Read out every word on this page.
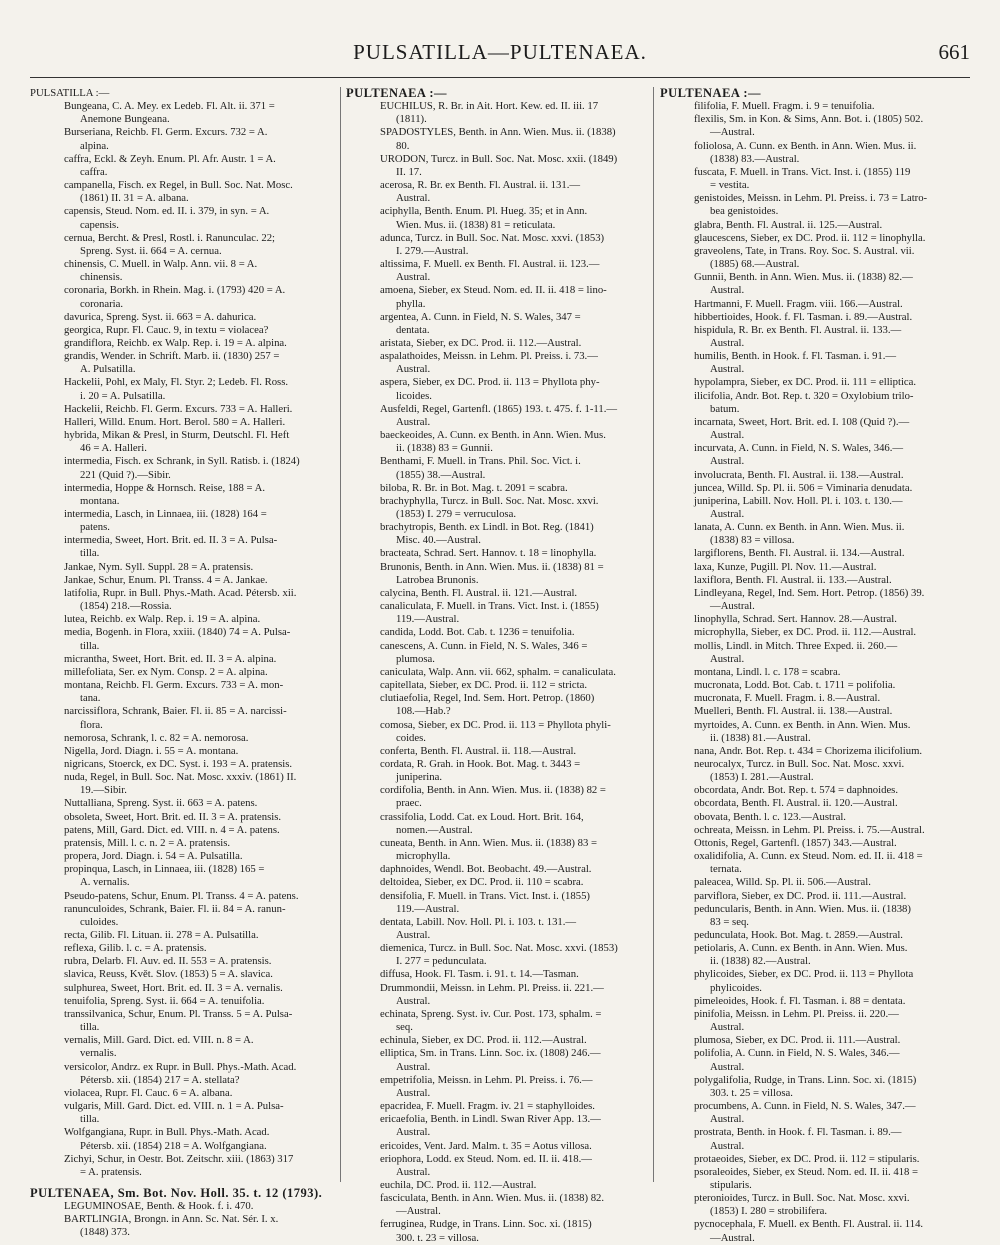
PULSATILLA—PULTENAEA.	661
PULSATILLA :—
Bungeana, C. A. Mey. ex Ledeb. Fl. Alt. ii. 371 =
Anemone Bungeana.
Burseriana, Reichb. Fl. Germ. Excurs. 732 = A.
alpina.
caffra, Eckl. & Zeyh. Enum. Pl. Afr. Austr. 1 = A.
caffra.
campanella, Fisch. ex Regel, in Bull. Soc. Nat. Mosc.
(1861) II. 31 = A. albana.
capensis, Steud. Nom. ed. II. i. 379, in syn. = A.
capensis.
cernua, Bercht. & Presl, Rostl. i. Ranunculac. 22;
Spreng. Syst. ii. 664 = A. cernua.
chinensis, C. Muell. in Walp. Ann. vii. 8 = A.
chinensis.
coronaria, Borkh. in Rhein. Mag. i. (1793) 420 = A.
coronaria.
davurica, Spreng. Syst. ii. 663 = A. dahurica.
georgica, Rupr. Fl. Cauc. 9, in textu = violacea?
grandiflora, Reichb. ex Walp. Rep. i. 19 = A. alpina.
grandis, Wender. in Schrift. Marb. ii. (1830) 257 =
A. Pulsatilla.
Hackelii, Pohl, ex Maly, Fl. Styr. 2; Ledeb. Fl. Ross.
i. 20 = A. Pulsatilla.
Hackelii, Reichb. Fl. Germ. Excurs. 733 = A. Halleri.
Halleri, Willd. Enum. Hort. Berol. 580 = A. Halleri.
hybrida, Mikan & Presl, in Sturm, Deutschl. Fl. Heft
46 = A. Halleri.
intermedia, Fisch. ex Schrank, in Syll. Ratisb. i. (1824)
221 (Quid ?).—Sibir.
intermedia, Hoppe & Hornsch. Reise, 188 = A.
montana.
intermedia, Lasch, in Linnaea, iii. (1828) 164 =
patens.
intermedia, Sweet, Hort. Brit. ed. II. 3 = A. Pulsa-
tilla.
Jankae, Nym. Syll. Suppl. 28 = A. pratensis.
Jankae, Schur, Enum. Pl. Transs. 4 = A. Jankae.
latifolia, Rupr. in Bull. Phys.-Math. Acad. Pétersb. xii.
(1854) 218.—Rossia.
lutea, Reichb. ex Walp. Rep. i. 19 = A. alpina.
media, Bogenh. in Flora, xxiii. (1840) 74 = A. Pulsa-
tilla.
micrantha, Sweet, Hort. Brit. ed. II. 3 = A. alpina.
millefoliata, Ser. ex Nym. Consp. 2 = A. alpina.
montana, Reichb. Fl. Germ. Excurs. 733 = A. mon-
tana.
narcissiflora, Schrank, Baier. Fl. ii. 85 = A. narcissi-
flora.
nemorosa, Schrank, l. c. 82 = A. nemorosa.
Nigella, Jord. Diagn. i. 55 = A. montana.
nigricans, Stoerck, ex DC. Syst. i. 193 = A. pratensis.
nuda, Regel, in Bull. Soc. Nat. Mosc. xxxiv. (1861) II.
19.—Sibir.
Nuttalliana, Spreng. Syst. ii. 663 = A. patens.
obsoleta, Sweet, Hort. Brit. ed. II. 3 = A. pratensis.
patens, Mill, Gard. Dict. ed. VIII. n. 4 = A. patens.
pratensis, Mill. l. c. n. 2 = A. pratensis.
propera, Jord. Diagn. i. 54 = A. Pulsatilla.
propinqua, Lasch, in Linnaea, iii. (1828) 165 =
A. vernalis.
Pseudo-patens, Schur, Enum. Pl. Transs. 4 = A. patens.
ranunculoides, Schrank, Baier. Fl. ii. 84 = A. ranun-
culoides.
recta, Gilib. Fl. Lituan. ii. 278 = A. Pulsatilla.
reflexa, Gilib. l. c. = A. pratensis.
rubra, Delarb. Fl. Auv. ed. II. 553 = A. pratensis.
slavica, Reuss, Květ. Slov. (1853) 5 = A. slavica.
sulphurea, Sweet, Hort. Brit. ed. II. 3 = A. vernalis.
tenuifolia, Spreng. Syst. ii. 664 = A. tenuifolia.
transsilvanica, Schur, Enum. Pl. Transs. 5 = A. Pulsa-
tilla.
vernalis, Mill. Gard. Dict. ed. VIII. n. 8 = A.
vernalis.
versicolor, Andrz. ex Rupr. in Bull. Phys.-Math. Acad.
Pétersb. xii. (1854) 217 = A. stellata?
violacea, Rupr. Fl. Cauc. 6 = A. albana.
vulgaris, Mill. Gard. Dict. ed. VIII. n. 1 = A. Pulsa-
tilla.
Wolfgangiana, Rupr. in Bull. Phys.-Math. Acad.
Pétersb. xii. (1854) 218 = A. Wolfgangiana.
Zichyi, Schur, in Oestr. Bot. Zeitschr. xiii. (1863) 317
= A. pratensis.
PULTENAEA, Sm. Bot. Nov. Holl. 35. t. 12 (1793).
LEGUMINOSAE, Benth. & Hook. f. i. 470.
BARTLINGIA, Brongn. in Ann. Sc. Nat. Sér. I. x.
(1848) 373.
PULTENAEA :—
EUCHILUS, R. Br. in Ait. Hort. Kew. ed. II. iii. 17
(1811).
SPADOSTYLES, Benth. in Ann. Wien. Mus. ii. (1838)
80.
URODON, Turcz. in Bull. Soc. Nat. Mosc. xxii. (1849)
II. 17.
acerosa, R. Br. ex Benth. Fl. Austral. ii. 131.—
Austral.
aciphylla, Benth. Enum. Pl. Hueg. 35; et in Ann.
Wien. Mus. ii. (1838) 81 = reticulata.
adunca, Turcz. in Bull. Soc. Nat. Mosc. xxvi. (1853)
I. 279.—Austral.
altissima, F. Muell. ex Benth. Fl. Austral. ii. 123.—
Austral.
amoena, Sieber, ex Steud. Nom. ed. II. ii. 418 = lino-
phylla.
argentea, A. Cunn. in Field, N. S. Wales, 347 =
dentata.
aristata, Sieber, ex DC. Prod. ii. 112.—Austral.
aspalathoides, Meissn. in Lehm. Pl. Preiss. i. 73.—
Austral.
aspera, Sieber, ex DC. Prod. ii. 113 = Phyllota phy-
licoides.
Ausfeldi, Regel, Gartenfl. (1865) 193. t. 475. f. 1-11.—
Austral.
baeckeoides, A. Cunn. ex Benth. in Ann. Wien. Mus.
ii. (1838) 83 = Gunnii.
Benthami, F. Muell. in Trans. Phil. Soc. Vict. i.
(1855) 38.—Austral.
biloba, R. Br. in Bot. Mag. t. 2091 = scabra.
brachyphylla, Turcz. in Bull. Soc. Nat. Mosc. xxvi.
(1853) I. 279 = verruculosa.
brachytropis, Benth. ex Lindl. in Bot. Reg. (1841)
Misc. 40.—Austral.
bracteata, Schrad. Sert. Hannov. t. 18 = linophylla.
Brunonis, Benth. in Ann. Wien. Mus. ii. (1838) 81 =
Latrobea Brunonis.
calycina, Benth. Fl. Austral. ii. 121.—Austral.
canaliculata, F. Muell. in Trans. Vict. Inst. i. (1855)
119.—Austral.
candida, Lodd. Bot. Cab. t. 1236 = tenuifolia.
canescens, A. Cunn. in Field, N. S. Wales, 346 =
plumosa.
caniculata, Walp. Ann. vii. 662, sphalm. = canaliculata.
capitellata, Sieber, ex DC. Prod. ii. 112 = stricta.
clutiaefolia, Regel, Ind. Sem. Hort. Petrop. (1860)
108.—Hab.?
comosa, Sieber, ex DC. Prod. ii. 113 = Phyllota phyli-
coides.
conferta, Benth. Fl. Austral. ii. 118.—Austral.
cordata, R. Grah. in Hook. Bot. Mag. t. 3443 =
juniperina.
cordifolia, Benth. in Ann. Wien. Mus. ii. (1838) 82 =
praec.
crassifolia, Lodd. Cat. ex Loud. Hort. Brit. 164,
nomen.—Austral.
cuneata, Benth. in Ann. Wien. Mus. ii. (1838) 83 =
microphylla.
daphnoides, Wendl. Bot. Beobacht. 49.—Austral.
deltoidea, Sieber, ex DC. Prod. ii. 110 = scabra.
densifolia, F. Muell. in Trans. Vict. Inst. i. (1855)
119.—Austral.
dentata, Labill. Nov. Holl. Pl. i. 103. t. 131.—
Austral.
diemenica, Turcz. in Bull. Soc. Nat. Mosc. xxvi. (1853)
I. 277 = pedunculata.
diffusa, Hook. Fl. Tasm. i. 91. t. 14.—Tasman.
Drummondii, Meissn. in Lehm. Pl. Preiss. ii. 221.—
Austral.
echinata, Spreng. Syst. iv. Cur. Post. 173, sphalm. =
seq.
echinula, Sieber, ex DC. Prod. ii. 112.—Austral.
elliptica, Sm. in Trans. Linn. Soc. ix. (1808) 246.—
Austral.
empetrifolia, Meissn. in Lehm. Pl. Preiss. i. 76.—
Austral.
epacridea, F. Muell. Fragm. iv. 21 = staphylloides.
ericaefolia, Benth. in Lindl. Swan River App. 13.—
Austral.
ericoides, Vent. Jard. Malm. t. 35 = Aotus villosa.
eriophora, Lodd. ex Steud. Nom. ed. II. ii. 418.—
Austral.
euchila, DC. Prod. ii. 112.—Austral.
fasciculata, Benth. in Ann. Wien. Mus. ii. (1838) 82.
—Austral.
ferruginea, Rudge, in Trans. Linn. Soc. xi. (1815)
300. t. 23 = villosa.
PULTENAEA :—
filifolia, F. Muell. Fragm. i. 9 = tenuifolia.
flexilis, Sm. in Kon. & Sims, Ann. Bot. i. (1805) 502.
—Austral.
foliolosa, A. Cunn. ex Benth. in Ann. Wien. Mus. ii.
(1838) 83.—Austral.
fuscata, F. Muell. in Trans. Vict. Inst. i. (1855) 119
= vestita.
genistoides, Meissn. in Lehm. Pl. Preiss. i. 73 = Latro-
bea genistoides.
glabra, Benth. Fl. Austral. ii. 125.—Austral.
glaucescens, Sieber, ex DC. Prod. ii. 112 = linophylla.
graveolens, Tate, in Trans. Roy. Soc. S. Austral. vii.
(1885) 68.—Austral.
Gunnii, Benth. in Ann. Wien. Mus. ii. (1838) 82.—
Austral.
Hartmanni, F. Muell. Fragm. viii. 166.—Austral.
hibbertioides, Hook. f. Fl. Tasman. i. 89.—Austral.
hispidula, R. Br. ex Benth. Fl. Austral. ii. 133.—
Austral.
humilis, Benth. in Hook. f. Fl. Tasman. i. 91.—
Austral.
hypolampra, Sieber, ex DC. Prod. ii. 111 = elliptica.
ilicifolia, Andr. Bot. Rep. t. 320 = Oxylobium trilo-
batum.
incarnata, Sweet, Hort. Brit. ed. I. 108 (Quid ?).—
Austral.
incurvata, A. Cunn. in Field, N. S. Wales, 346.—
Austral.
involucrata, Benth. Fl. Austral. ii. 138.—Austral.
juncea, Willd. Sp. Pl. ii. 506 = Viminaria denudata.
juniperina, Labill. Nov. Holl. Pl. i. 103. t. 130.—
Austral.
lanata, A. Cunn. ex Benth. in Ann. Wien. Mus. ii.
(1838) 83 = villosa.
largiflorens, Benth. Fl. Austral. ii. 134.—Austral.
laxa, Kunze, Pugill. Pl. Nov. 11.—Austral.
laxiflora, Benth. Fl. Austral. ii. 133.—Austral.
Lindleyana, Regel, Ind. Sem. Hort. Petrop. (1856) 39.
—Austral.
linophylla, Schrad. Sert. Hannov. 28.—Austral.
microphylla, Sieber, ex DC. Prod. ii. 112.—Austral.
mollis, Lindl. in Mitch. Three Exped. ii. 260.—
Austral.
montana, Lindl. l. c. 178 = scabra.
mucronata, Lodd. Bot. Cab. t. 1711 = polifolia.
mucronata, F. Muell. Fragm. i. 8.—Austral.
Muelleri, Benth. Fl. Austral. ii. 138.—Austral.
myrtoides, A. Cunn. ex Benth. in Ann. Wien. Mus.
ii. (1838) 81.—Austral.
nana, Andr. Bot. Rep. t. 434 = Chorizema ilicifolium.
neurocalyx, Turcz. in Bull. Soc. Nat. Mosc. xxvi.
(1853) I. 281.—Austral.
obcordata, Andr. Bot. Rep. t. 574 = daphnoides.
obcordata, Benth. Fl. Austral. ii. 120.—Austral.
obovata, Benth. l. c. 123.—Austral.
ochreata, Meissn. in Lehm. Pl. Preiss. i. 75.—Austral.
Ottonis, Regel, Gartenfl. (1857) 343.—Austral.
oxalidifolia, A. Cunn. ex Steud. Nom. ed. II. ii. 418 =
ternata.
paleacea, Willd. Sp. Pl. ii. 506.—Austral.
parviflora, Sieber, ex DC. Prod. ii. 111.—Austral.
peduncularis, Benth. in Ann. Wien. Mus. ii. (1838)
83 = seq.
pedunculata, Hook. Bot. Mag. t. 2859.—Austral.
petiolaris, A. Cunn. ex Benth. in Ann. Wien. Mus.
ii. (1838) 82.—Austral.
phylicoides, Sieber, ex DC. Prod. ii. 113 = Phyllota
phylicoides.
pimeleoides, Hook. f. Fl. Tasman. i. 88 = dentata.
pinifolia, Meissn. in Lehm. Pl. Preiss. ii. 220.—
Austral.
plumosa, Sieber, ex DC. Prod. ii. 111.—Austral.
polifolia, A. Cunn. in Field, N. S. Wales, 346.—
Austral.
polygalifolia, Rudge, in Trans. Linn. Soc. xi. (1815)
303. t. 25 = villosa.
procumbens, A. Cunn. in Field, N. S. Wales, 347.—
Austral.
prostrata, Benth. in Hook. f. Fl. Tasman. i. 89.—
Austral.
protaeoides, Sieber, ex DC. Prod. ii. 112 = stipularis.
psoraleoides, Sieber, ex Steud. Nom. ed. II. ii. 418 =
stipularis.
pteronioides, Turcz. in Bull. Soc. Nat. Mosc. xxvi.
(1853) I. 280 = strobilifera.
pycnocephala, F. Muell. ex Benth. Fl. Austral. ii. 114.
—Austral.
